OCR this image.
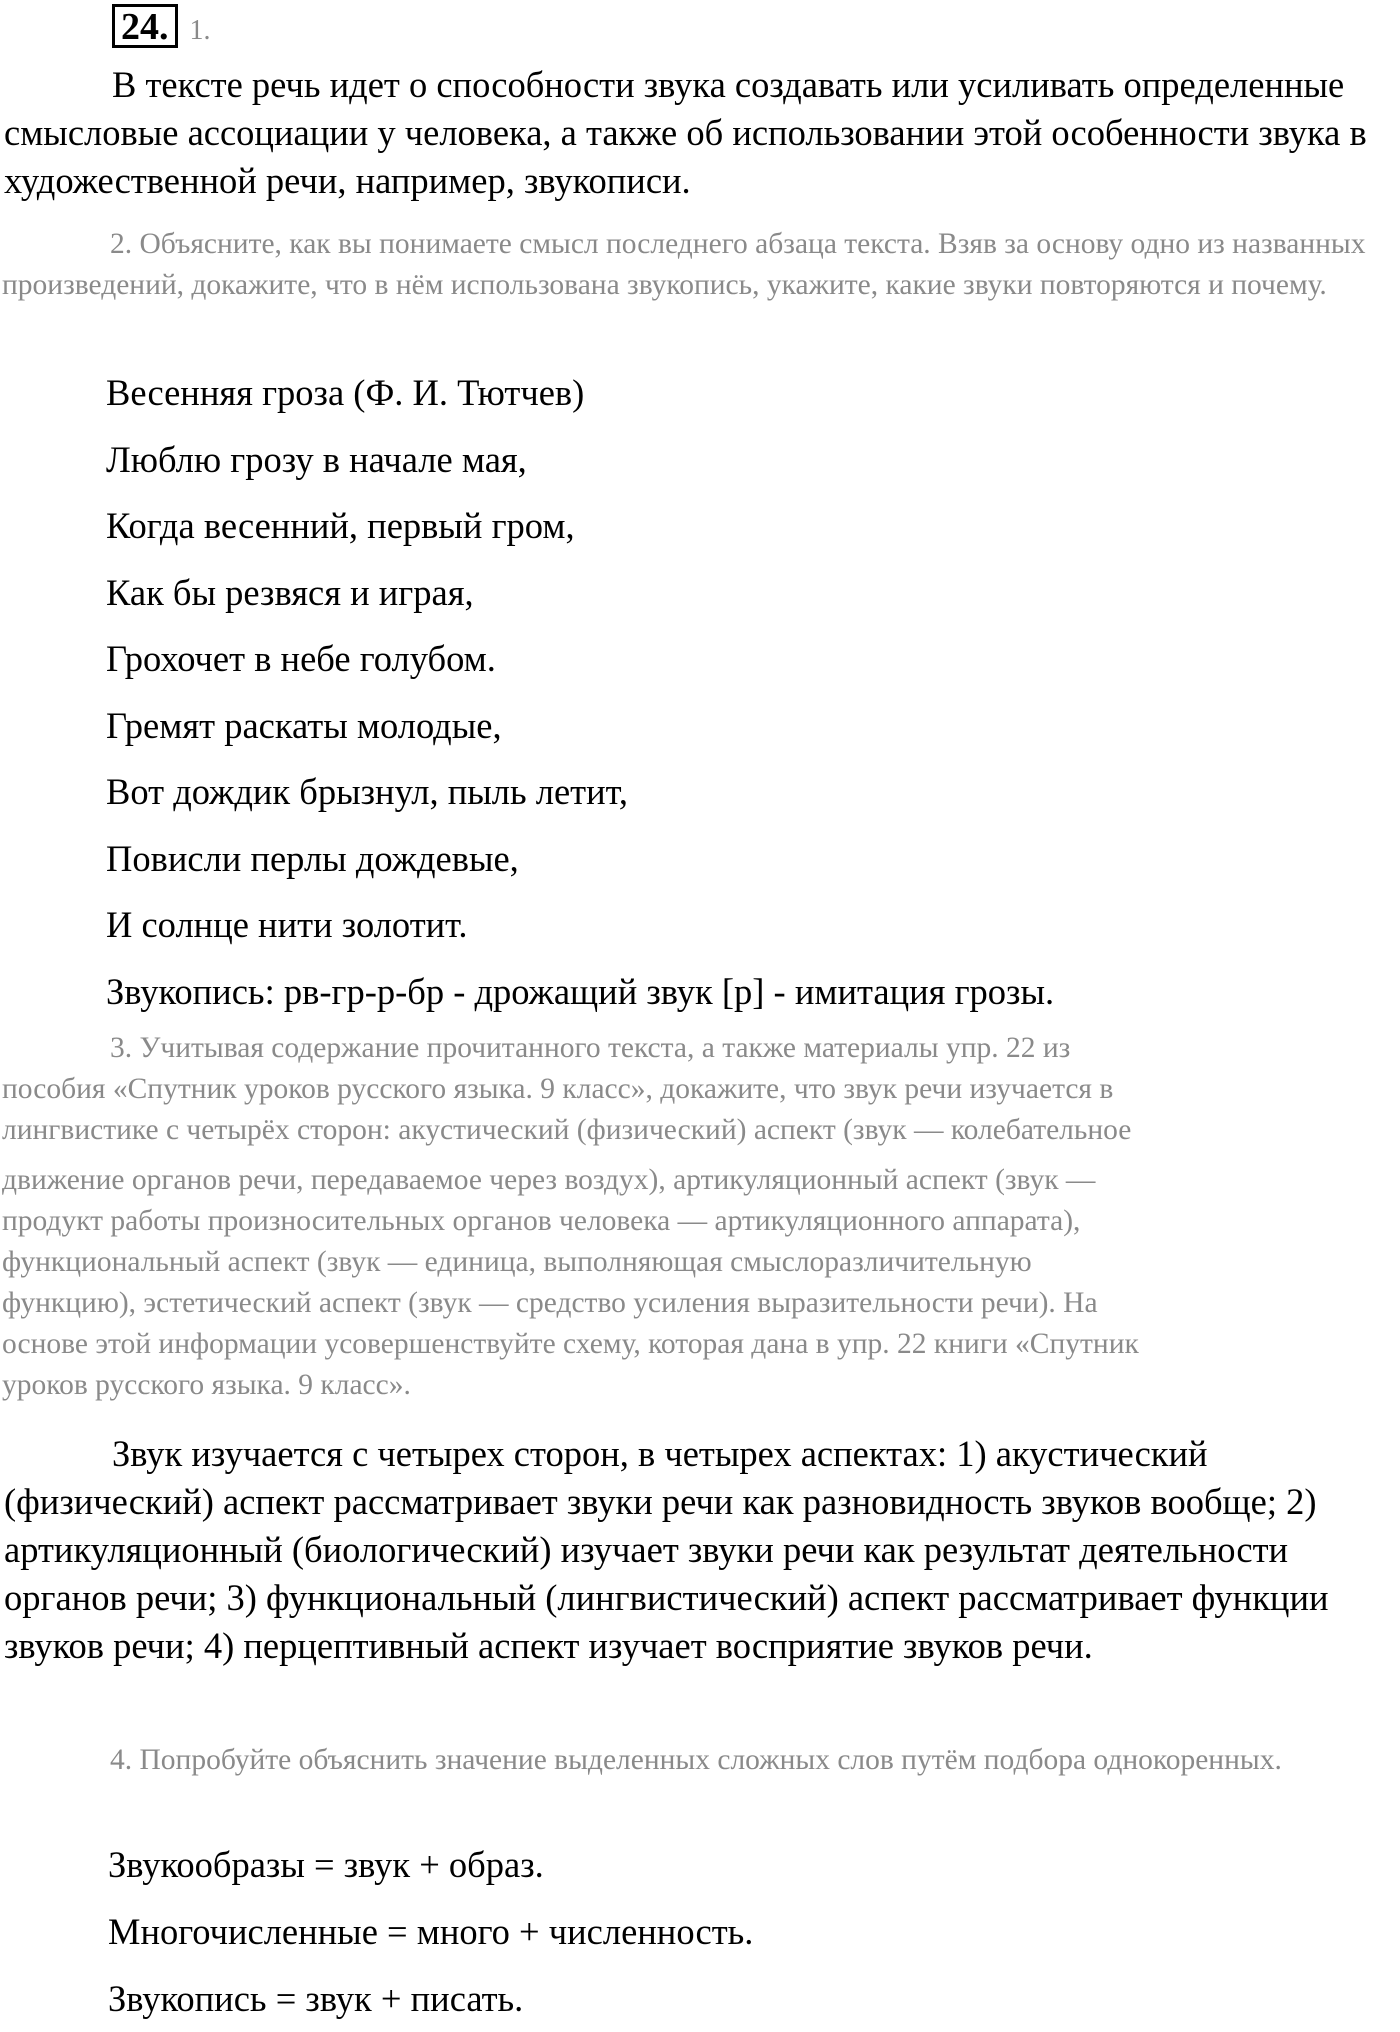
24. 1.

В тексте речь идет о способности звука создавать или усиливать определенные смысловые ассоциации у человека, а также об использовании этой особенности звука в художественной речи, например, звукописи.

2. Объясните, как вы понимаете смысл последнего абзаца текста. Взяв за основу одно из названных произведений, докажите, что в нём использована звукопись, укажите, какие звуки повторяются и почему.

Весенняя гроза (Ф. И. Тютчев)
Люблю грозу в начале мая,
Когда весенний, первый гром,
Как бы резвяся и играя,
Грохочет в небе голубом.
Гремят раскаты молодые,
Вот дождик брызнул, пыль летит,
Повисли перлы дождевые,
И солнце нити золотит.
Звукопись: рв-гр-р-бр - дрожащий звук [р] - имитация грозы.
3. Учитывая содержание прочитанного текста, а также материалы упр. 22 из
пособия «Спутник уроков русского языка. 9 класс», докажите, что звук речи изучается в
лингвистике с четырёх сторон: акустический (физический) аспект (звук — колебательное
движение органов речи, передаваемое через воздух), артикуляционный аспект (звук —
продукт работы произносительных органов человека — артикуляционного аппарата),
функциональный аспект (звук — единица, выполняющая смыслоразличительную
функцию), эстетический аспект (звук — средство усиления выразительности речи). На
основе этой информации усовершенствуйте схему, которая дана в упр. 22 книги «Спутник
уроков русского языка. 9 класс».

Звук изучается с четырех сторон, в четырех аспектах: 1) акустический (физический) аспект рассматривает звуки речи как разновидность звуков вообще; 2) артикуляционный (биологический) изучает звуки речи как результат деятельности органов речи; 3) функциональный (лингвистический) аспект рассматривает функции звуков речи; 4) перцептивный аспект изучает восприятие звуков речи.

4. Попробуйте объяснить значение выделенных сложных слов путём подбора однокоренных.

Звукообразы = звук + образ.
Многочисленные = много + численность.
Звукопись = звук + писать.
